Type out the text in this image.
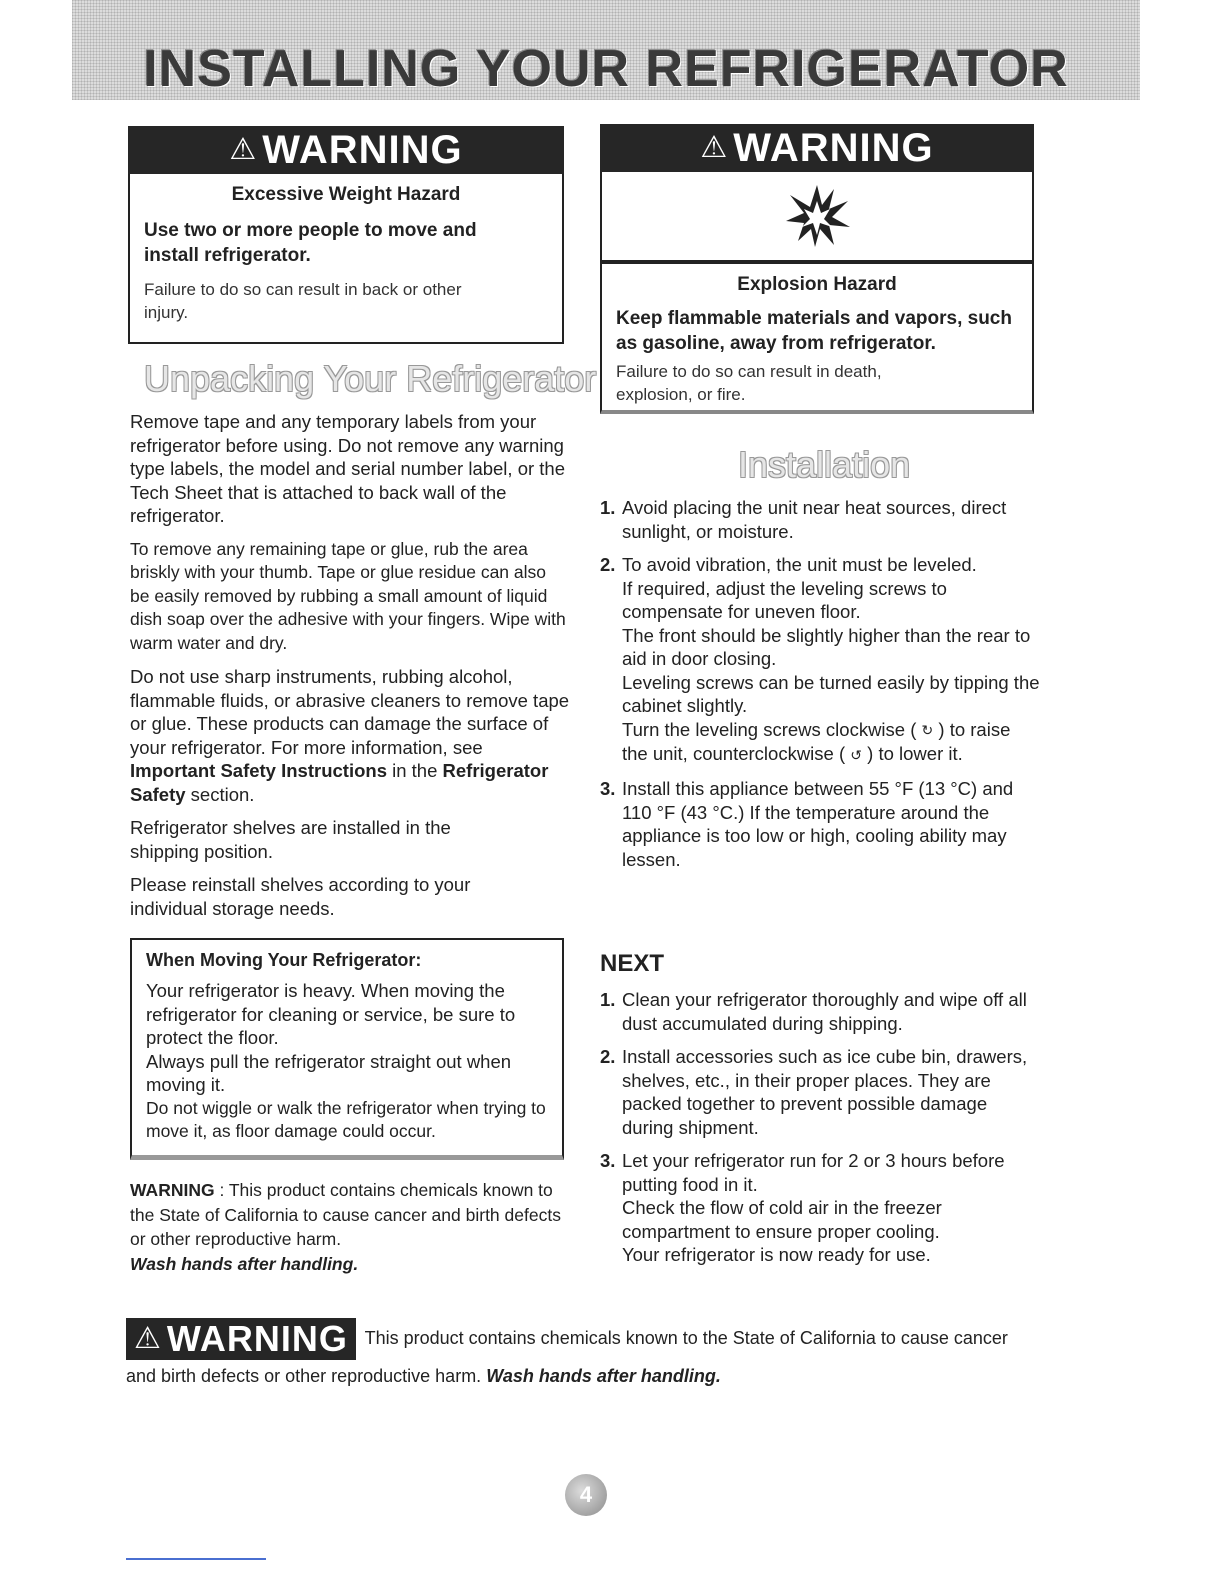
INSTALLING YOUR REFRIGERATOR
⚠ WARNING
Excessive Weight Hazard
Use two or more people to move and install refrigerator.
Failure to do so can result in back or other injury.
⚠ WARNING
Explosion Hazard
Keep flammable materials and vapors, such as gasoline, away from refrigerator.
Failure to do so can result in death, explosion, or fire.
Unpacking Your Refrigerator

Remove tape and any temporary labels from your refrigerator before using. Do not remove any warning type labels, the model and serial number label, or the Tech Sheet that is attached to back wall of the refrigerator.

To remove any remaining tape or glue, rub the area briskly with your thumb. Tape or glue residue can also be easily removed by rubbing a small amount of liquid dish soap over the adhesive with your fingers. Wipe with warm water and dry.

Do not use sharp instruments, rubbing alcohol, flammable fluids, or abrasive cleaners to remove tape or glue. These products can damage the surface of your refrigerator. For more information, see Important Safety Instructions in the Refrigerator Safety section.

Refrigerator shelves are installed in the shipping position.

Please reinstall shelves according to your individual storage needs.

When Moving Your Refrigerator:
Your refrigerator is heavy. When moving the refrigerator for cleaning or service, be sure to protect the floor.
Always pull the refrigerator straight out when moving it.
Do not wiggle or walk the refrigerator when trying to move it, as floor damage could occur.
WARNING : This product contains chemicals known to the State of California to cause cancer and birth defects or other reproductive harm.
Wash hands after handling.
Installation
1. Avoid placing the unit near heat sources, direct sunlight, or moisture.
2. To avoid vibration, the unit must be leveled.
If required, adjust the leveling screws to compensate for uneven floor.
The front should be slightly higher than the rear to aid in door closing.
Leveling screws can be turned easily by tipping the cabinet slightly.
Turn the leveling screws clockwise ( ↻ ) to raise the unit, counterclockwise ( ↺ ) to lower it.
3. Install this appliance between 55 °F (13 °C) and 110 °F (43 °C.) If the temperature around the appliance is too low or high, cooling ability may lessen.
NEXT
1. Clean your refrigerator thoroughly and wipe off all dust accumulated during shipping.
2. Install accessories such as ice cube bin, drawers, shelves, etc., in their proper places. They are packed together to prevent possible damage during shipment.
3. Let your refrigerator run for 2 or 3 hours before putting food in it.
Check the flow of cold air in the freezer compartment to ensure proper cooling.
Your refrigerator is now ready for use.
⚠ WARNING This product contains chemicals known to the State of California to cause cancer and birth defects or other reproductive harm. Wash hands after handling.
4
